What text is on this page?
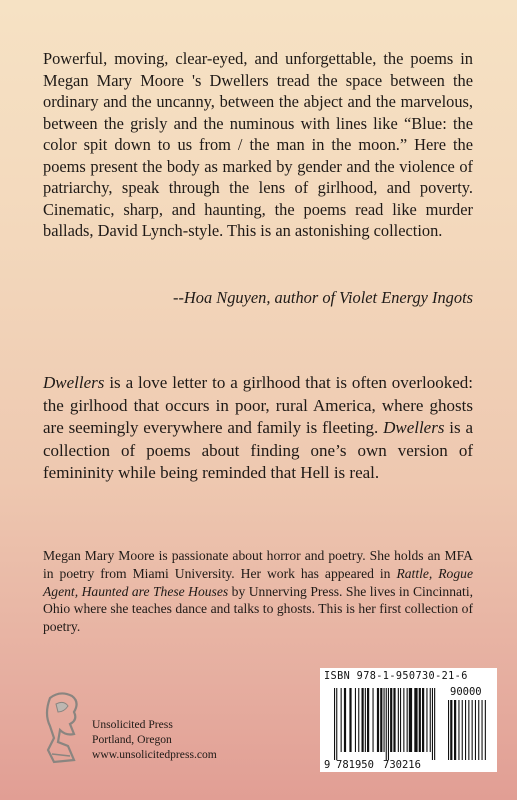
Powerful, moving, clear-eyed, and unforgettable, the poems in Megan Mary Moore 's Dwellers tread the space between the ordinary and the uncanny, between the abject and the marvelous, between the grisly and the numinous with lines like “Blue: the color spit down to us from / the man in the moon.” Here the poems present the body as marked by gender and the violence of patriarchy, speak through the lens of girlhood, and poverty. Cinematic, sharp, and haunting, the poems read like murder ballads, David Lynch-style. This is an astonishing collection.

--Hoa Nguyen, author of Violet Energy Ingots

Dwellers is a love letter to a girlhood that is often overlooked: the girlhood that occurs in poor, rural America, where ghosts are seemingly everywhere and family is fleeting. Dwellers is a collection of poems about finding one’s own version of femininity while being reminded that Hell is real.

Megan Mary Moore is passionate about horror and poetry. She holds an MFA in poetry from Miami University. Her work has appeared in Rattle, Rogue Agent, Haunted are These Houses by Unnerving Press. She lives in Cincinnati, Ohio where she teaches dance and talks to ghosts. This is her first collection of poetry.

Unsolicited Press
Portland, Oregon
www.unsolicitedpress.com
ISBN 978-1-950730-21-6
9 781950 730216
90000
